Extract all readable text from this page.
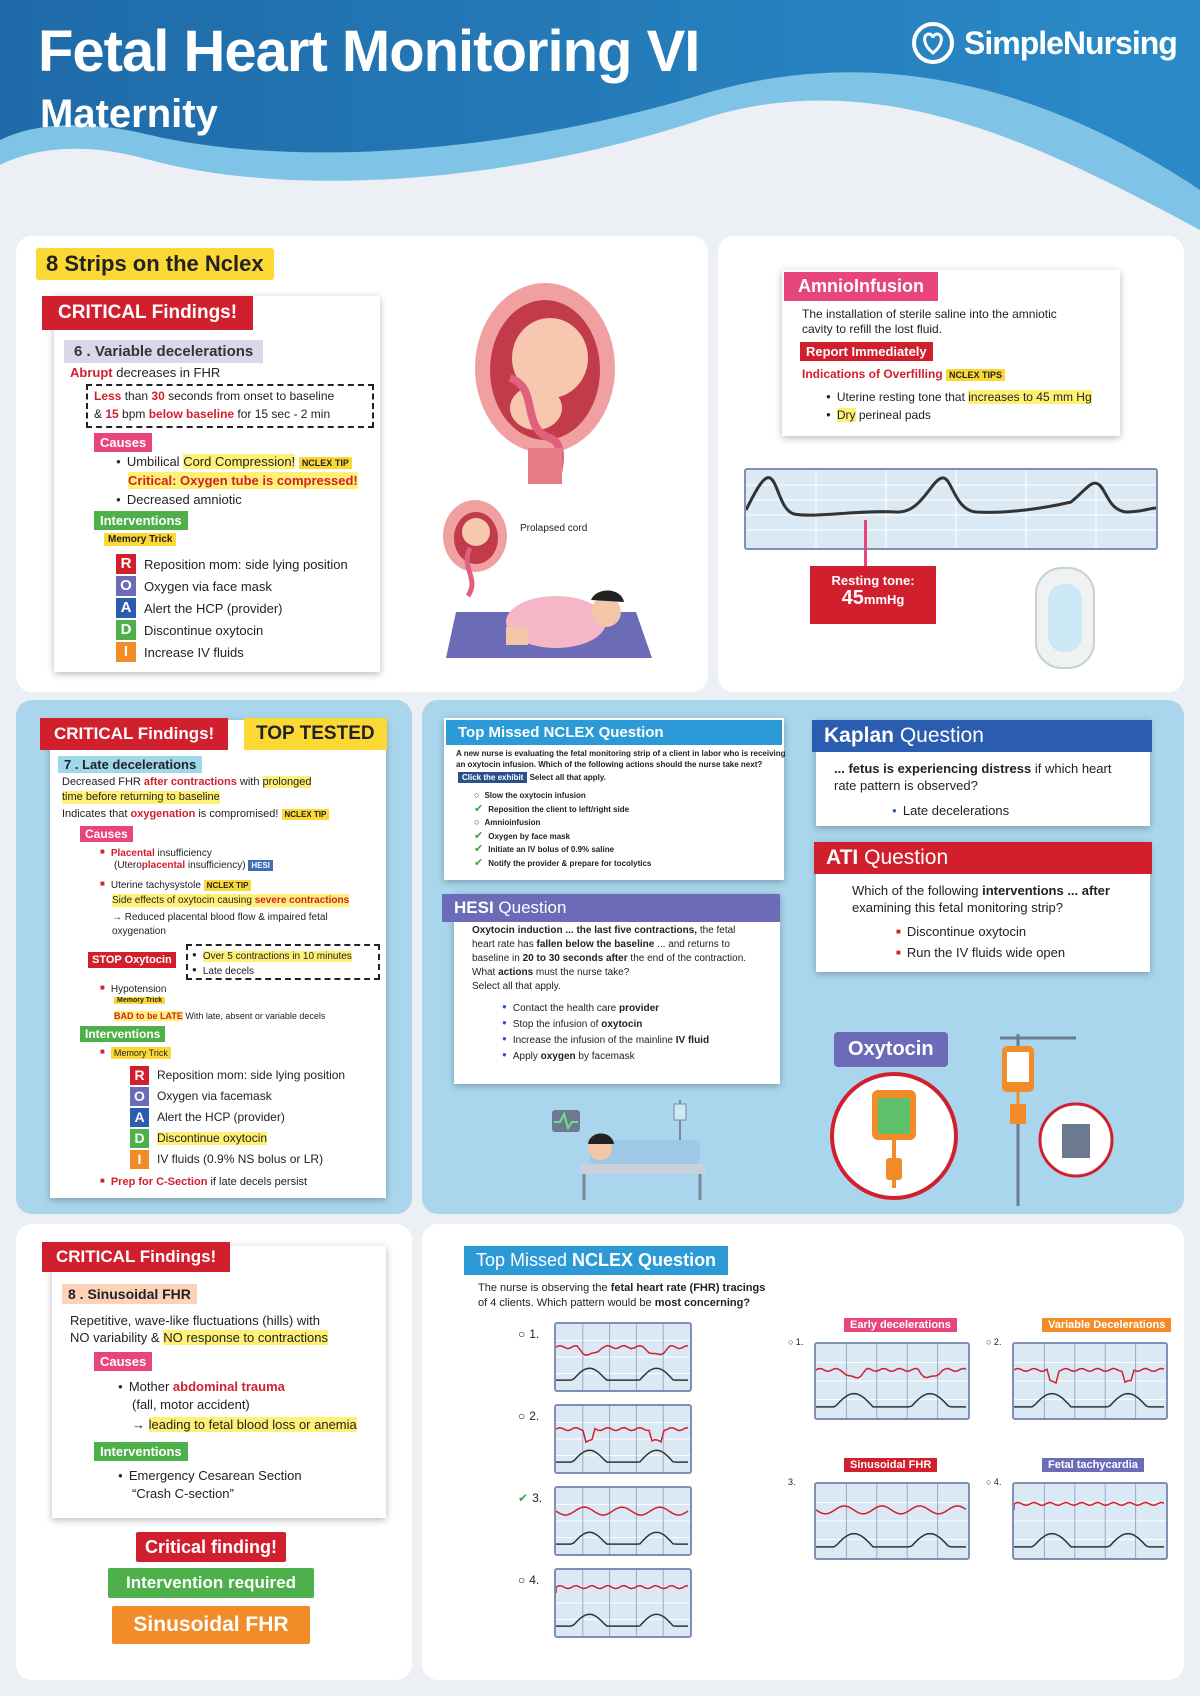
Fetal Heart Monitoring VI
Maternity
SimpleNursing
8 Strips on the Nclex
CRITICAL Findings!
6 . Variable decelerations
Abrupt decreases in FHR
Less than 30 seconds from onset to baseline
& 15 bpm below baseline for 15 sec - 2 min
Causes
● Umbilical Cord Compression! NCLEX TIP
Critical: Oxygen tube is compressed!
● Decreased amniotic
Interventions
Memory Trick
R Reposition mom: side lying position
O Oxygen via face mask
A Alert the HCP (provider)
D Discontinue oxytocin
I	Increase IV fluids
Prolapsed cord
AmnioInfusion
The installation of sterile saline into the amniotic
cavity to refill the lost fluid.
Report Immediately
Indications of Overfilling NCLEX TIPS
● Uterine resting tone that increases to 45 mm Hg
● Dry perineal pads
Resting tone:
45mmHg
CRITICAL Findings!	TOP TESTED
7 . Late decelerations
Decreased FHR after contractions with prolonged
time before returning to baseline
Indicates that oxygenation is compromised! NCLEX TIP
Causes
■ Placental insufficiency
(Uteroplacental insufficiency) HESI
■ Uterine tachysystole NCLEX TIP
Side effects of oxytocin causing severe contractions
→ Reduced placental blood flow & impaired fetal
oxygenation
STOP Oxytocin
●	Over 5 contractions in 10 minutes
● Late decels
■ Hypotension
Memory Trick
BAD to be LATE With late, absent or variable decels
Interventions
■ Memory Trick
R	Reposition mom: side lying position
O	Oxygen via facemask
A	Alert the HCP (provider)
D	Discontinue oxytocin
I	IV fluids (0.9% NS bolus or LR)
■ Prep for C-Section if late decels persist
Top Missed NCLEX Question
A new nurse is evaluating the fetal monitoring strip of a client in labor who is receiving
an oxytocin infusion. Which of the following actions should the nurse take next?
Click the exhibit Select all that apply.
○ Slow the oxytocin infusion
✔ Reposition the client to left/right side
○ Amnioinfusion
✔ Oxygen by face mask
✔ Initiate an IV bolus of 0.9% saline
✔ Notify the provider & prepare for tocolytics
HESI Question
Oxytocin induction ... the last five contractions, the fetal
heart rate has fallen below the baseline ... and returns to
baseline in 20 to 30 seconds after the end of the contraction.
What actions must the nurse take?
Select all that apply.
● Contact the health care provider
● Stop the infusion of oxytocin
● Increase the infusion of the mainline IV fluid
● Apply oxygen by facemask
Kaplan Question
... fetus is experiencing distress if which heart
rate pattern is observed?
● Late decelerations
ATI Question
Which of the following interventions ... after
examining this fetal monitoring strip?
■ Discontinue oxytocin
■ Run the IV fluids wide open
Oxytocin
CRITICAL Findings!
8 . Sinusoidal FHR
Repetitive, wave-like fluctuations (hills) with
NO variability & NO response to contractions
Causes
● Mother abdominal trauma
(fall, motor accident)
→ leading to fetal blood loss or anemia
Interventions
● Emergency Cesarean Section
“Crash C-section”
Critical finding!
Intervention required
Sinusoidal FHR
Top Missed NCLEX Question
The nurse is observing the fetal heart rate (FHR) tracings
of 4 clients. Which pattern would be most concerning?
○ 1.
○ 2.
✔ 3.
○ 4.
Early decelerations
○ 1.
Variable Decelerations
○ 2.
Sinusoidal FHR
3.
Fetal tachycardia
○ 4.
